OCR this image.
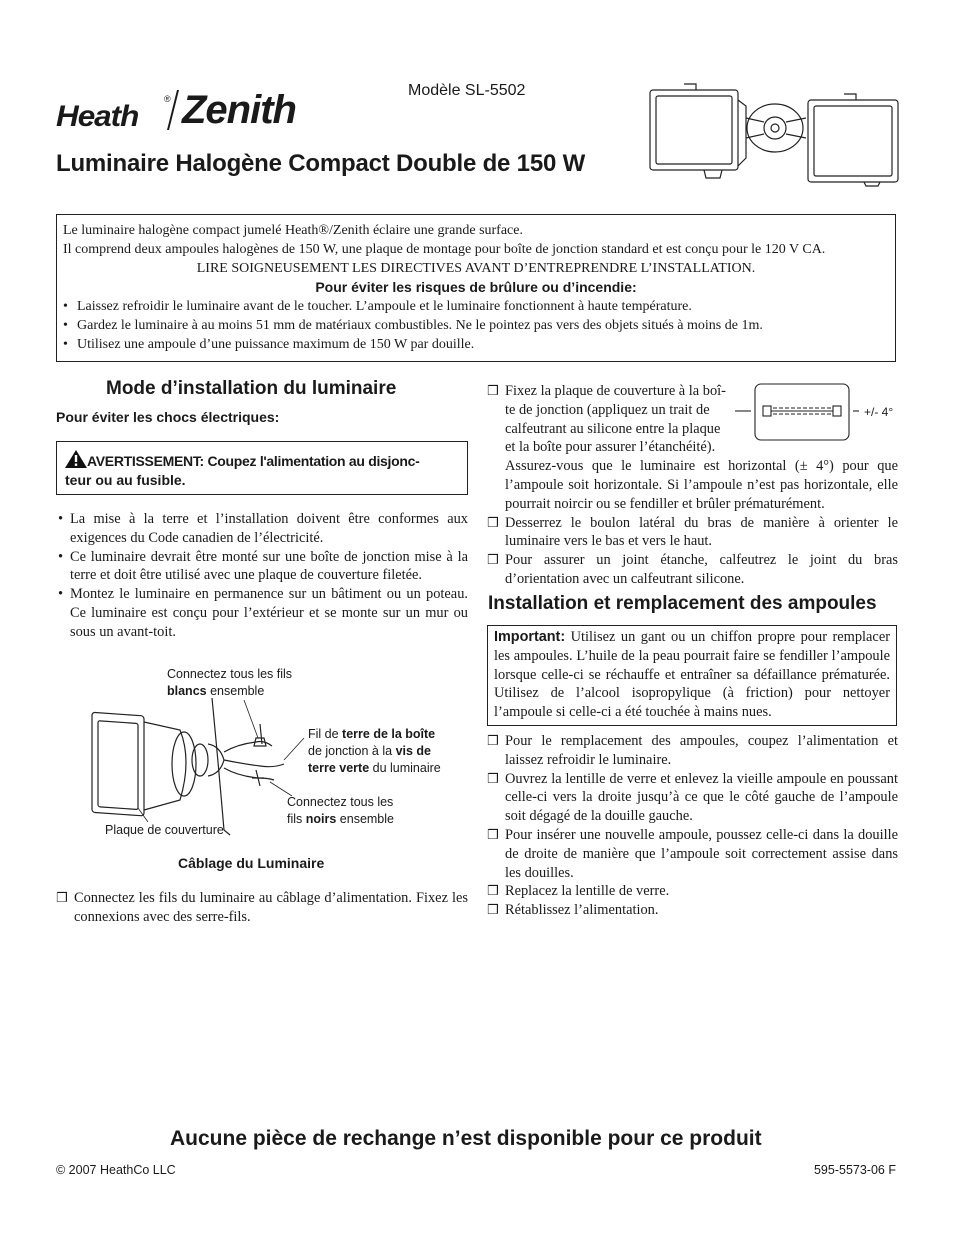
Heath
® Zenith	Modèle SL-5502
Luminaire Halogène Compact Double de 150 W

Le luminaire halogène compact jumelé Heath®/Zenith éclaire une grande surface.

Il comprend deux ampoules halogènes de 150 W, une plaque de montage pour boîte de jonction standard et est conçu pour le 120 V CA.

LIRE SOIGNEUSEMENT LES DIRECTIVES AVANT D’ENTREPRENDRE L’INSTALLATION.

Pour éviter les risques de brûlure ou d’incendie:

• Laissez refroidir le luminaire avant de le toucher. L’ampoule et le luminaire fonctionnent à haute température.
• Gardez le luminaire à au moins 51 mm de matériaux combustibles. Ne le pointez pas vers des objets situés à moins de 1m.
• Utilisez une ampoule d’une puissance maximum de 150 W par douille.
Mode d’installation du luminaire
Pour éviter les chocs électriques:
AVERTISSEMENT: Coupez l'alimentation au disjonc-
teur ou au fusible.
• La mise à la terre et l’installation doivent être conformes aux exigences du Code canadien de l’électricité.
• Ce luminaire devrait être monté sur une boîte de jonction mise à la terre et doit être utilisé avec une plaque de couverture filetée.
• Montez le luminaire en permanence sur un bâtiment ou un poteau. Ce luminaire est conçu pour l’extérieur et se monte sur un mur ou sous un avant-toit.
Connectez tous les fils
blancs ensemble
Fil de terre de la boîte
de jonction à la vis de
terre verte du luminaire
Connectez tous les
fils noirs ensemble
Plaque de couverture
Câblage du Luminaire
❒ Connectez les fils du luminaire au câblage d’alimentation. Fixez les connexions avec des serre-fils.
+/- 4°
❒ Fixez la plaque de couverture à la boî-
te de jonction (appliquez un trait de
calfeutrant au silicone entre la plaque
et la boîte pour assurer l’étanchéité).
Assurez-vous que le luminaire est horizontal (± 4°) pour que l’ampoule soit horizontale. Si l’ampoule n’est pas horizontale, elle pourrait noircir ou se fendiller et brûler prématurément.
❒ Desserrez le boulon latéral du bras de manière à orienter le luminaire vers le bas et vers le haut.
❒ Pour assurer un joint étanche, calfeutrez le joint du bras d’orientation avec un calfeutrant silicone.
Installation et remplacement des ampoules
Important: Utilisez un gant ou un chiffon propre pour remplacer les ampoules. L’huile de la peau pourrait faire se fendiller l’ampoule lorsque celle-ci se réchauffe et entraîner sa défaillance prématurée. Utilisez de l’alcool isopropylique (à friction) pour nettoyer l’ampoule si celle-ci a été touchée à mains nues.
❒ Pour le remplacement des ampoules, coupez l’alimentation et laissez refroidir le luminaire.
❒ Ouvrez la lentille de verre et enlevez la vieille ampoule en poussant celle-ci vers la droite jusqu’à ce que le côté gauche de l’ampoule soit dégagé de la douille gauche.
❒ Pour insérer une nouvelle ampoule, poussez celle-ci dans la douille de droite de manière que l’ampoule soit correctement assise dans les douilles.
❒ Replacez la lentille de verre.
❒ Rétablissez l’alimentation.
Aucune pièce de rechange n’est disponible pour ce produit
© 2007 HeathCo LLC	595-5573-06 F
